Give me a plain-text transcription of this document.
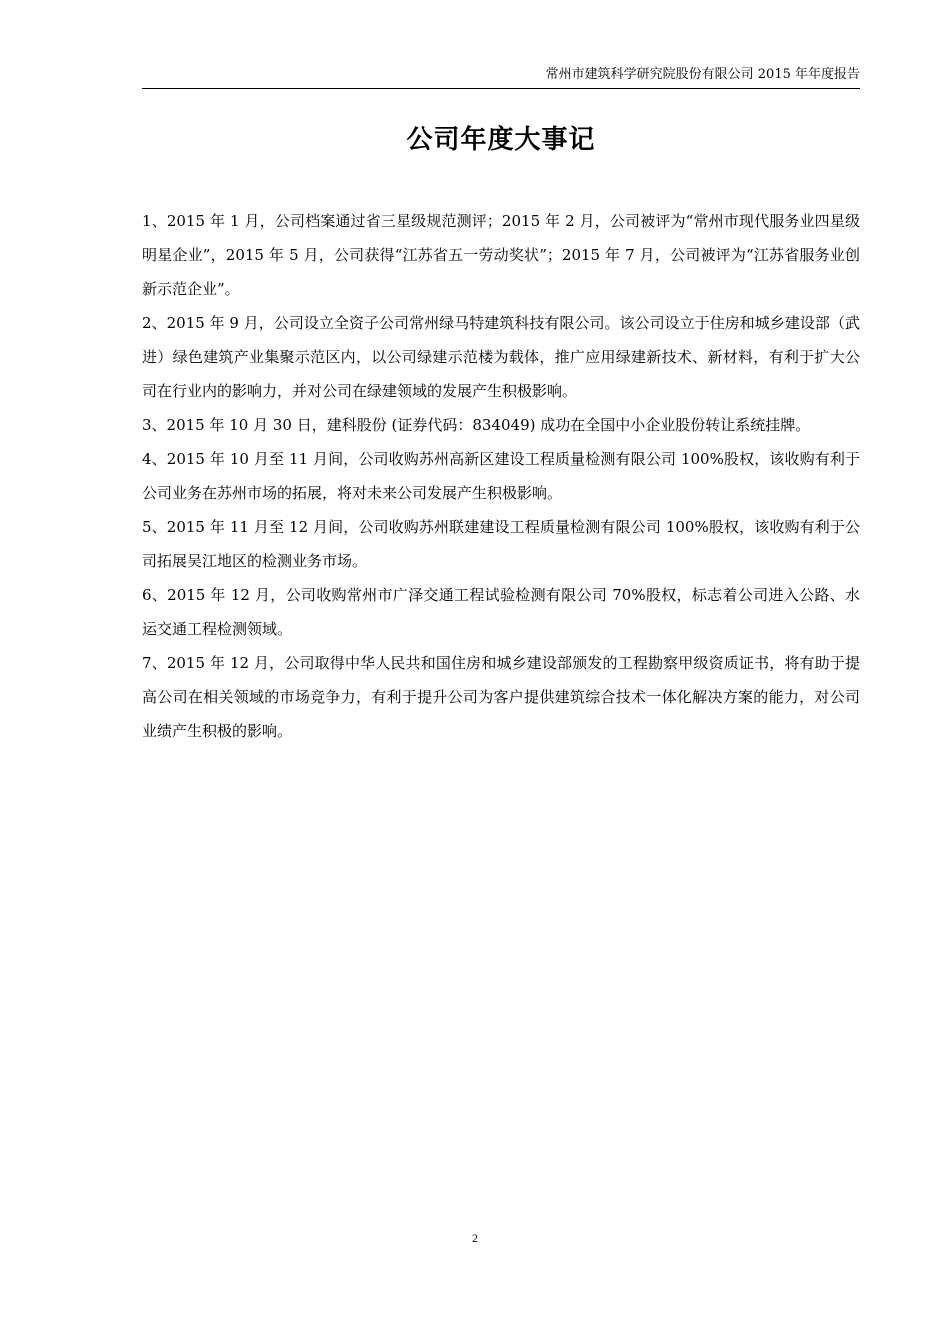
常州市建筑科学研究院股份有限公司 2015 年年度报告
公司年度大事记

1、2015 年 1 月，公司档案通过省三星级规范测评；2015 年 2 月，公司被评为“常州市现代服务业四星级明星企业”，2015 年 5 月，公司获得“江苏省五一劳动奖状”；2015 年 7 月，公司被评为“江苏省服务业创新示范企业”。

2、2015 年 9 月，公司设立全资子公司常州绿马特建筑科技有限公司。该公司设立于住房和城乡建设部（武进）绿色建筑产业集聚示范区内，以公司绿建示范楼为载体，推广应用绿建新技术、新材料，有利于扩大公司在行业内的影响力，并对公司在绿建领域的发展产生积极影响。

3、2015 年 10 月 30 日，建科股份 (证券代码：834049) 成功在全国中小企业股份转让系统挂牌。

4、2015 年 10 月至 11 月间，公司收购苏州高新区建设工程质量检测有限公司 100%股权，该收购有利于公司业务在苏州市场的拓展，将对未来公司发展产生积极影响。

5、2015 年 11 月至 12 月间，公司收购苏州联建建设工程质量检测有限公司 100%股权，该收购有利于公司拓展吴江地区的检测业务市场。

6、2015 年 12 月，公司收购常州市广泽交通工程试验检测有限公司 70%股权，标志着公司进入公路、水运交通工程检测领域。

7、2015 年 12 月，公司取得中华人民共和国住房和城乡建设部颁发的工程勘察甲级资质证书，将有助于提高公司在相关领域的市场竞争力，有利于提升公司为客户提供建筑综合技术一体化解决方案的能力，对公司业绩产生积极的影响。

2
